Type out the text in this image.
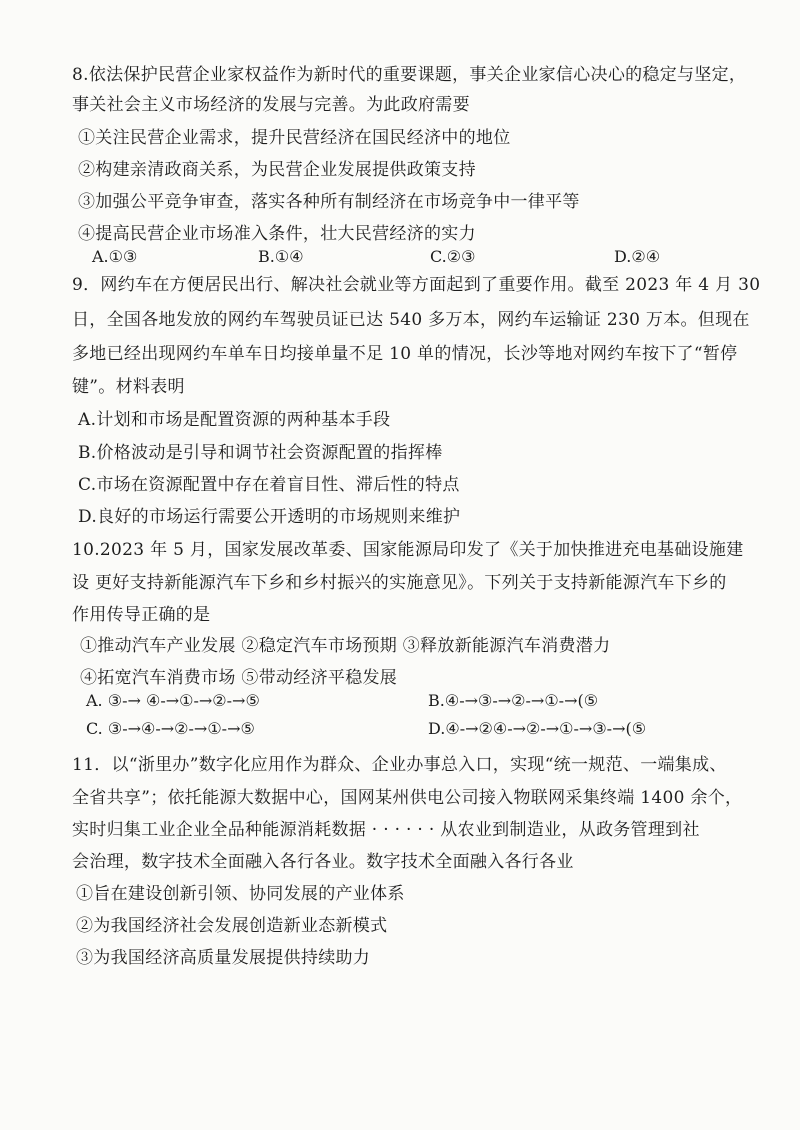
8.依法保护民营企业家权益作为新时代的重要课题，事关企业家信心决心的稳定与坚定，
事关社会主义市场经济的发展与完善。为此政府需要
①关注民营企业需求，提升民营经济在国民经济中的地位
②构建亲清政商关系，为民营企业发展提供政策支持
③加强公平竞争审查，落实各种所有制经济在市场竞争中一律平等
④提高民营企业市场准入条件，壮大民营经济的实力
A.①③	B.①④	C.②③	D.②④
9．网约车在方便居民出行、解决社会就业等方面起到了重要作用。截至 2023 年 4 月 30
日，全国各地发放的网约车驾驶员证已达 540 多万本，网约车运输证 230 万本。但现在
多地已经出现网约车单车日均接单量不足 10 单的情况，长沙等地对网约车按下了“暂停
键”。材料表明
A.计划和市场是配置资源的两种基本手段
B.价格波动是引导和调节社会资源配置的指挥棒
C.市场在资源配置中存在着盲目性、滞后性的特点
D.良好的市场运行需要公开透明的市场规则来维护
10.2023 年 5 月，国家发展改革委、国家能源局印发了《关于加快推进充电基础设施建
设 更好支持新能源汽车下乡和乡村振兴的实施意见》。下列关于支持新能源汽车下乡的
作用传导正确的是
①推动汽车产业发展 ②稳定汽车市场预期 ③释放新能源汽车消费潜力
④拓宽汽车消费市场 ⑤带动经济平稳发展
A. ③-→ ④-→①-→②-→⑤	B.④-→③-→②-→①-→(⑤
C. ③-→④-→②-→①-→⑤	D.④-→②④-→②-→①-→③-→(⑤
11．以“浙里办”数字化应用作为群众、企业办事总入口，实现“统一规范、一端集成、
全省共享”；依托能源大数据中心，国网某州供电公司接入物联网采集终端 1400 余个，
实时归集工业企业全品种能源消耗数据 · · · · · · 从农业到制造业，从政务管理到社
会治理，数字技术全面融入各行各业。数字技术全面融入各行各业
①旨在建设创新引领、协同发展的产业体系
②为我国经济社会发展创造新业态新模式
③为我国经济高质量发展提供持续助力
